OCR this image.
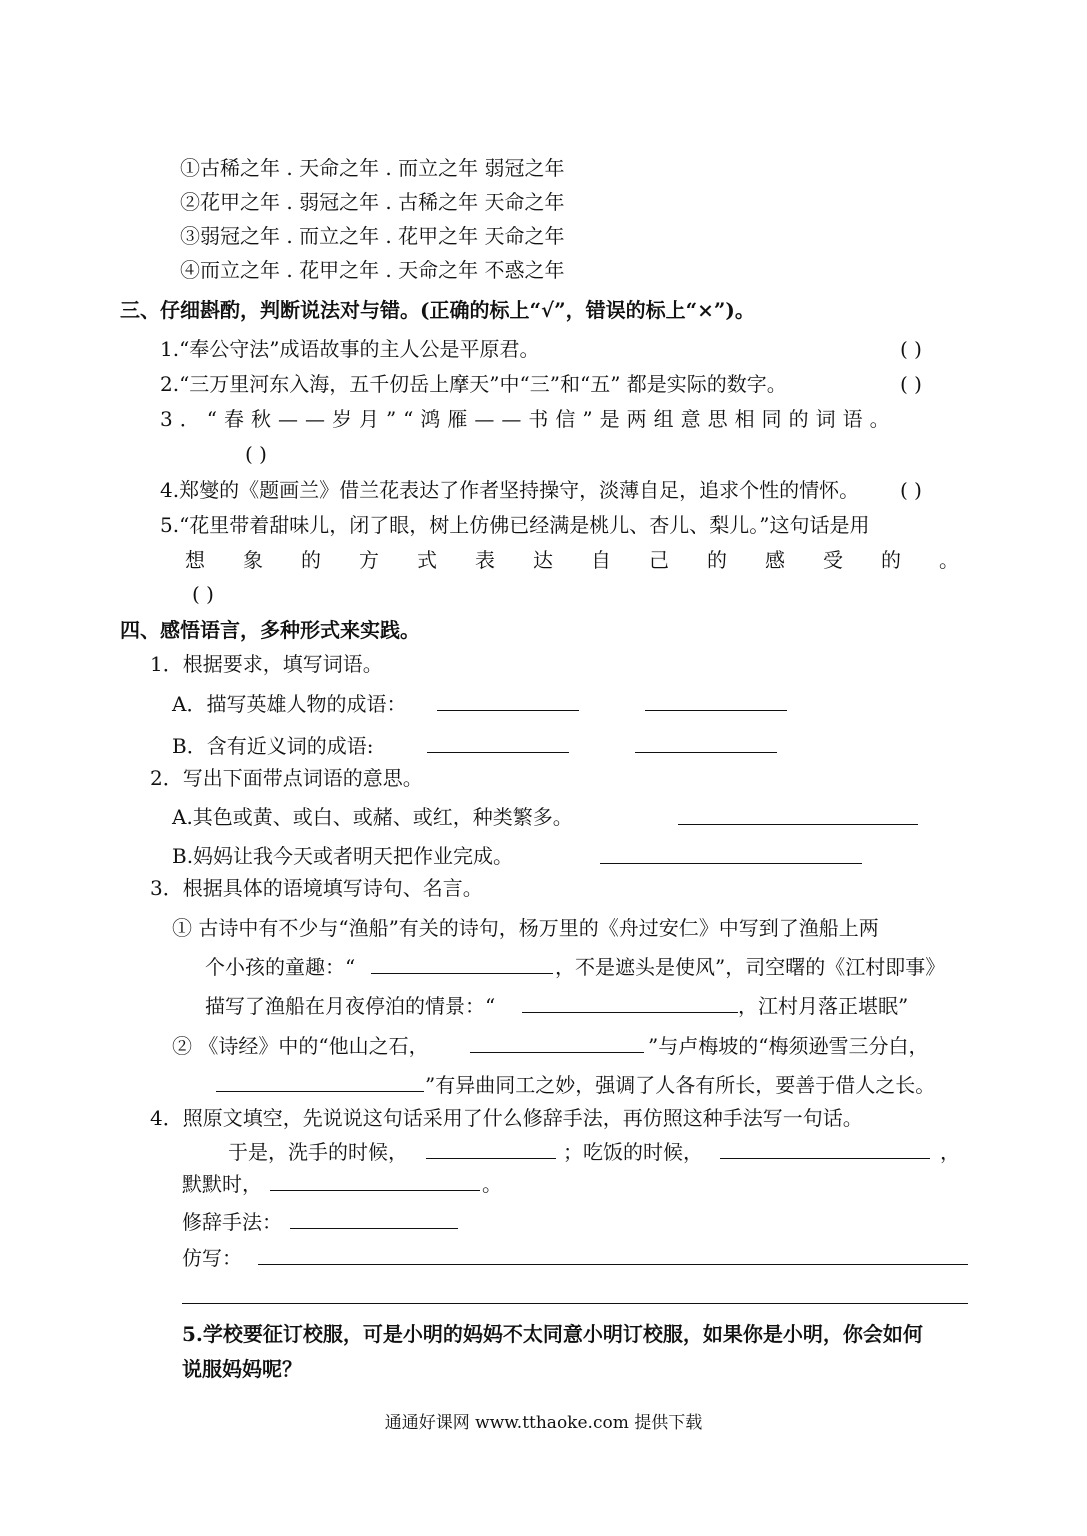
①古稀之年 . 天命之年 . 而立之年 弱冠之年
②花甲之年 . 弱冠之年 . 古稀之年 天命之年
③弱冠之年 . 而立之年 . 花甲之年 天命之年
④而立之年 . 花甲之年 . 天命之年 不惑之年
三、仔细斟酌，判断说法对与错。(正确的标上“√”，错误的标上“×”)。
1.“奉公守法”成语故事的主人公是平原君。	( )
2.“三万里河东入海，五千仞岳上摩天”中“三”和“五” 都是实际的数字。	( )
3．“春秋——岁月”“鸿雁——书信”是两组意思相同的词语。
( )
4.郑燮的《题画兰》借兰花表达了作者坚持操守，淡薄自足，追求个性的情怀。 ( )
5.“花里带着甜味儿，闭了眼，树上仿佛已经满是桃儿、杏儿、梨儿。”这句话是用
想象的方式表达自己的感受的。
( )
四、感悟语言，多种形式来实践。
1．根据要求，填写词语。
A．描写英雄人物的成语：
B．含有近义词的成语:
2．写出下面带点词语的意思。
A.其色或黄、或白、或赭、或红，种类繁多。
B.妈妈让我今天或者明天把作业完成。
3．根据具体的语境填写诗句、名言。
① 古诗中有不少与“渔船”有关的诗句，杨万里的《舟过安仁》中写到了渔船上两
个小孩的童趣：“	，不是遮头是使风”，司空曙的《江村即事》
描写了渔船在月夜停泊的情景：“	，江村月落正堪眠”
② 《诗经》中的“他山之石，	”与卢梅坡的“梅须逊雪三分白，
”有异曲同工之妙，强调了人各有所长，要善于借人之长。
4．照原文填空，先说说这句话采用了什么修辞手法，再仿照这种手法写一句话。
于是，洗手的时候，	；吃饭的时候，	，
默默时，	。
修辞手法：
仿写：
5.学校要征订校服，可是小明的妈妈不太同意小明订校服，如果你是小明，你会如何
说服妈妈呢？
通通好课网 www.tthaoke.com 提供下载
